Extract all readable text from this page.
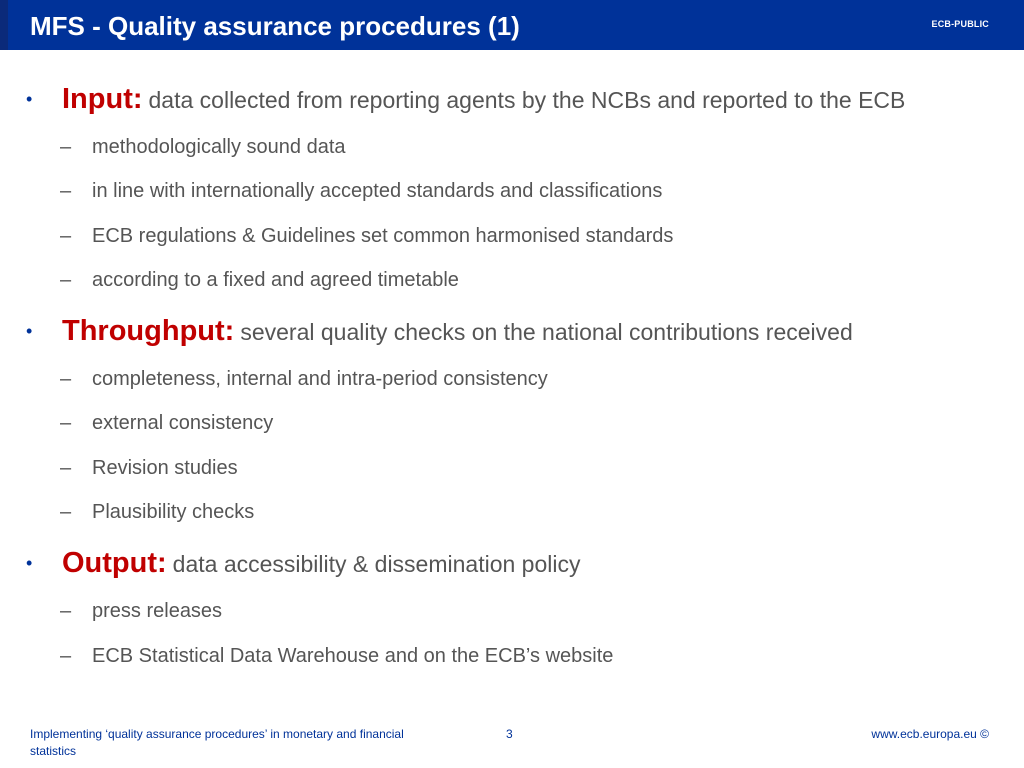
MFS - Quality assurance procedures (1)	ECB-PUBLIC
• Input: data collected from reporting agents by the NCBs and reported to the ECB
– methodologically sound data
– in line with internationally accepted standards and classifications
– ECB regulations & Guidelines set common harmonised standards
– according to a fixed and agreed timetable
• Throughput: several quality checks on the national contributions received
– completeness, internal and intra-period consistency
– external consistency
– Revision studies
– Plausibility checks
• Output: data accessibility & dissemination policy
– press releases
– ECB Statistical Data Warehouse and on the ECB’s website
Implementing ‘quality assurance procedures’ in monetary and financial statistics
3	www.ecb.europa.eu ©
